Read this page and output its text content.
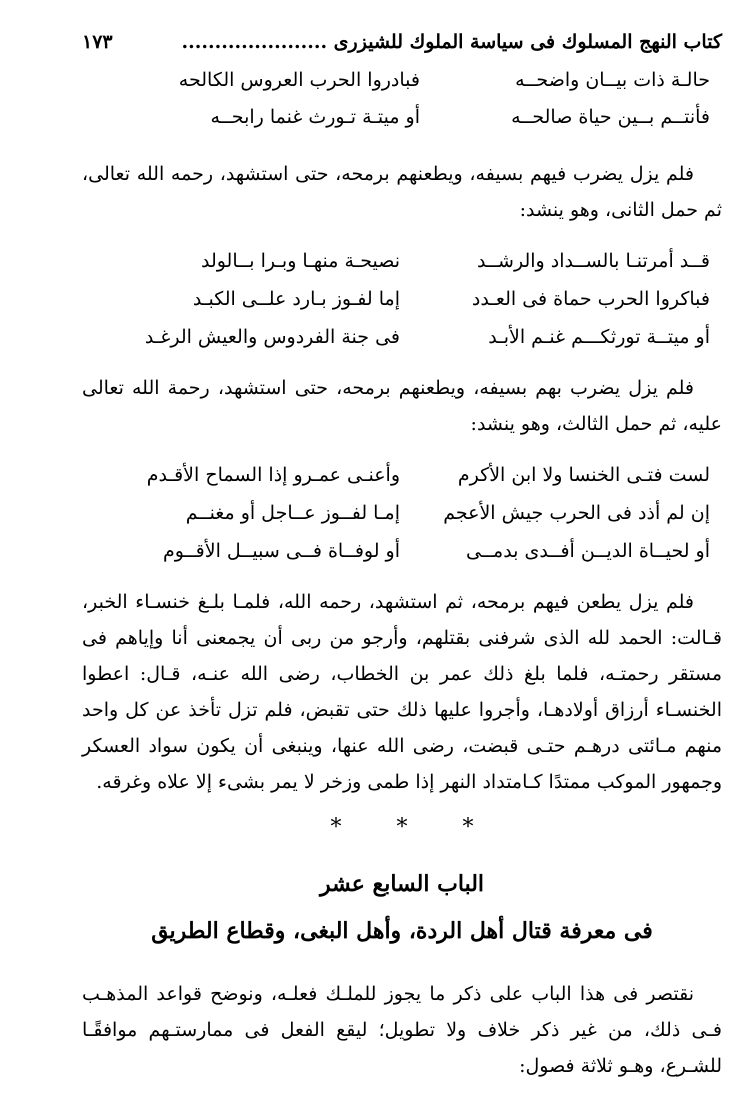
كتاب النهج المسلوك فى سياسة الملوك للشيزرى ......................
١٧٣
حالـة ذات بيــان واضحــه
فبادروا الحرب العروس الكالحه
فأنتــم بــين حياة صالحــه
أو ميتـة تـورث غنما رابحــه

فلم يزل يضرب فيهم بسيفه، ويطعنهم برمحه، حتى استشهد، رحمه الله تعالى، ثم حمل الثانى، وهو ينشد:

قــد أمرتنـا بالســداد والرشــد
نصيحـة منهـا وبـرا بــالولد
فباكروا الحرب حماة فى العـدد
إما لفـوز بـارد علــى الكبـد
أو ميتــة تورثكـــم غنـم الأبـد
فى جنة الفردوس والعيش الرغـد

فلم يزل يضرب بهم بسيفه، ويطعنهم برمحه، حتى استشهد، رحمة الله تعالى عليه، ثم حمل الثالث، وهو ينشد:

لست فتـى الخنسا ولا ابن الأكرم
وأعنـى عمـرو إذا السماح الأقـدم
إن لم أذد فى الحرب جيش الأعجم
إمـا لفــوز عــاجل أو مغنــم
أو لحيــاة الديــن أفــدى بدمــى
أو لوفــاة فــى سبيــل الأقــوم

فلم يزل يطعن فيهم برمحه، ثم استشهد، رحمه الله، فلمـا بلـغ خنسـاء الخبر، قـالت: الحمد لله الذى شرفنى بقتلهم، وأرجو من ربى أن يجمعنى أنا وإياهم فى مستقر رحمتـه، فلما بلغ ذلك عمر بن الخطاب، رضى الله عنـه، قـال: اعطوا الخنسـاء أرزاق أولادهـا، وأجروا عليها ذلك حتى تقبض، فلم تزل تأخذ عن كل واحد منهم مـائتى درهـم حتـى قبضت، رضى الله عنها، وينبغى أن يكون سواد العسكر وجمهور الموكب ممتدًا كـامتداد النهر إذا طمى وزخر لا يمر بشىء إلا علاه وغرقه.

* * *
الباب السابع عشر
فى معرفة قتال أهل الردة، وأهل البغى، وقطاع الطريق

نقتصر فى هذا الباب على ذكر ما يجوز للملـك فعلـه، ونوضح قواعد المذهـب فـى ذلك، من غير ذكر خلاف ولا تطويل؛ ليقع الفعل فى ممارستـهم موافقًـا للشـرع، وهـو ثلاثة فصول:
